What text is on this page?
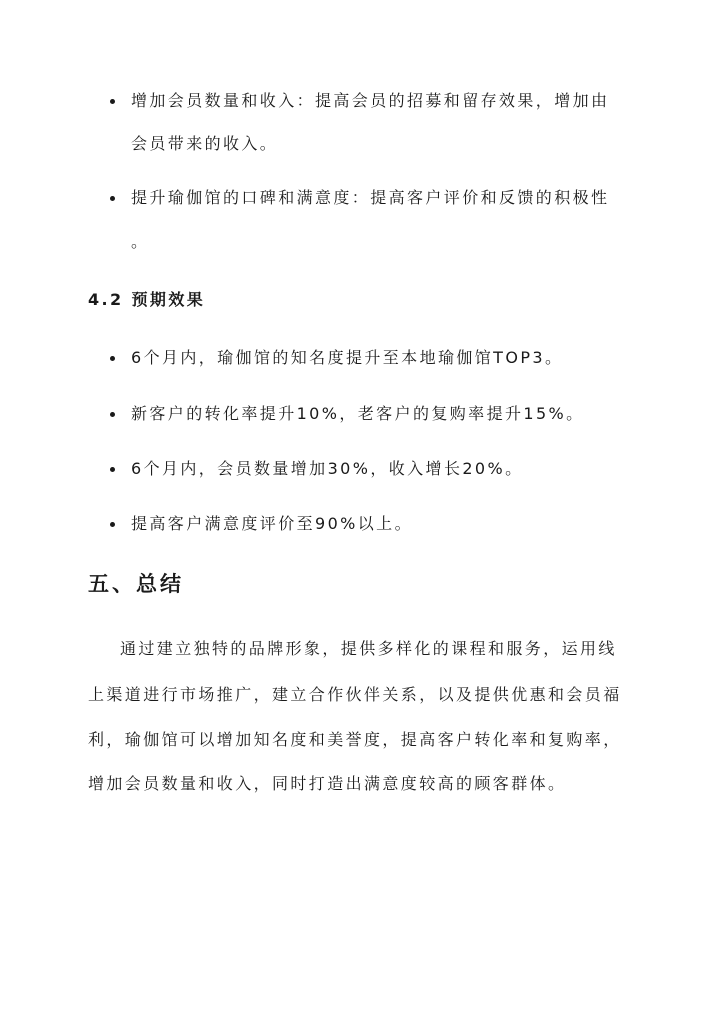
增加会员数量和收入：提高会员的招募和留存效果，增加由
会员带来的收入。
提升瑜伽馆的口碑和满意度：提高客户评价和反馈的积极性
。
4.2 预期效果
6个月内，瑜伽馆的知名度提升至本地瑜伽馆TOP3。
新客户的转化率提升10%，老客户的复购率提升15%。
6个月内，会员数量增加30%，收入增长20%。
提高客户满意度评价至90%以上。
五、总结
通过建立独特的品牌形象，提供多样化的课程和服务，运用线
上渠道进行市场推广，建立合作伙伴关系，以及提供优惠和会员福
利，瑜伽馆可以增加知名度和美誉度，提高客户转化率和复购率，
增加会员数量和收入，同时打造出满意度较高的顾客群体。
